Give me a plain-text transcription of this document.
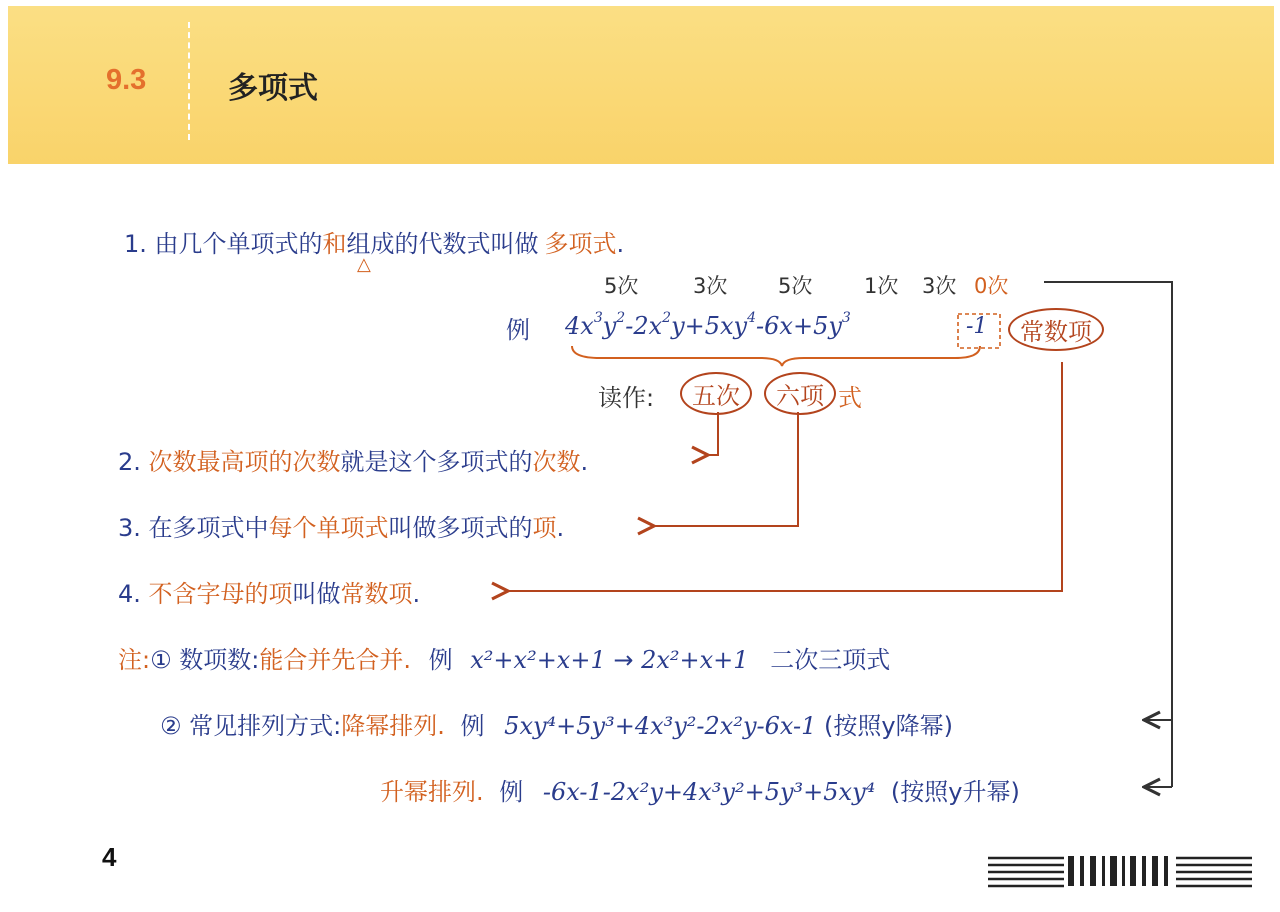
9.3	多项式
1. 由几个单项式的和组成的代数式叫做 多项式.
△
5次	3次 5次 1次 3次 0次
例 $4x^3y^2-2x^2y+5xy^4-6x+5y^3$	-1	常数项
读作:	五次	六项 式
2. 次数最高项的次数就是这个多项式的次数.
3. 在多项式中每个单项式叫做多项式的项.
4. 不含字母的项叫做常数项.
注:① 数项数:能合并先合并. 例 x²+x²+x+1 → 2x²+x+1 二次三项式
② 常见排列方式:降幂排列. 例 5xy⁴+5y³+4x³y²-2x²y-6x-1 (按照y降幂)
升幂排列. 例 -6x-1-2x²y+4x³y²+5y³+5xy⁴ (按照y升幂)
4
